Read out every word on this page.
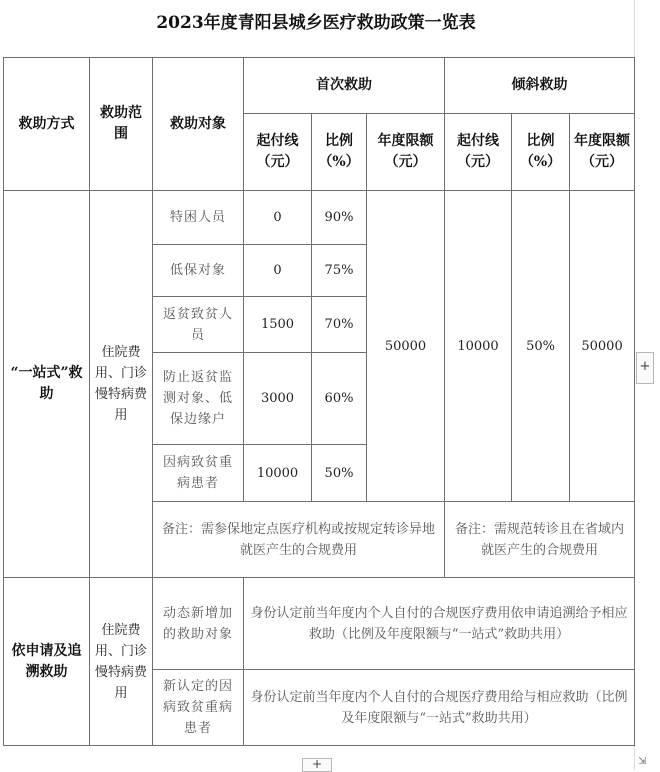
2023年度青阳县城乡医疗救助政策一览表
救助方式	救助范围	救助对象	首次救助			倾斜救助		
			起付线（元）	比例（%）	年度限额（元）	起付线（元）	比例（%）	年度限额（元）
“一站式”救助	住院费用、门诊慢特病费用	特困人员	0	90%	50000	10000	50%	50000
		低保对象	0	75%				
		返贫致贫人员	1500	70%				
		防止返贫监测对象、低保边缘户	3000	60%				
		因病致贫重病患者	10000	50%				
		备注：需参保地定点医疗机构或按规定转诊异地就医产生的合规费用				备注：需规范转诊且在省域内就医产生的合规费用		
依申请及追溯救助	住院费用、门诊慢特病费用	动态新增加的救助对象	身份认定前当年度内个人自付的合规医疗费用依申请追溯给予相应救助（比例及年度限额与“一站式”救助共用）					
		新认定的因病致贫重病患者	身份认定前当年度内个人自付的合规医疗费用给与相应救助（比例及年度限额与“一站式”救助共用）					
+
+	⇲
